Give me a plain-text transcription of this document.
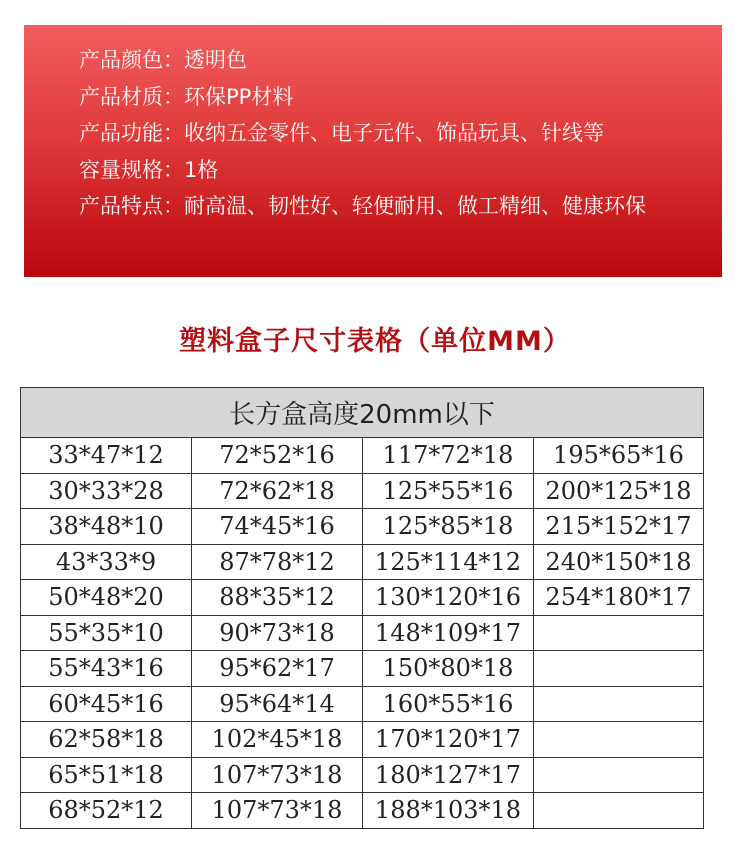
产品颜色： 透明色
产品材质： 环保PP材料
产品功能： 收纳五金零件、电子元件、饰品玩具、针线等
容量规格： 1格
产品特点： 耐高温、韧性好、轻便耐用、做工精细、健康环保
塑料盒子尺寸表格（单位MM）
长方盒高度20mm以下			
33*47*12	72*52*16	117*72*18	195*65*16
30*33*28	72*62*18	125*55*16	200*125*18
38*48*10	74*45*16	125*85*18	215*152*17
43*33*9	87*78*12	125*114*12	240*150*18
50*48*20	88*35*12	130*120*16	254*180*17
55*35*10	90*73*18	148*109*17	
55*43*16	95*62*17	150*80*18	
60*45*16	95*64*14	160*55*16	
62*58*18	102*45*18	170*120*17	
65*51*18	107*73*18	180*127*17	
68*52*12	107*73*18	188*103*18	
